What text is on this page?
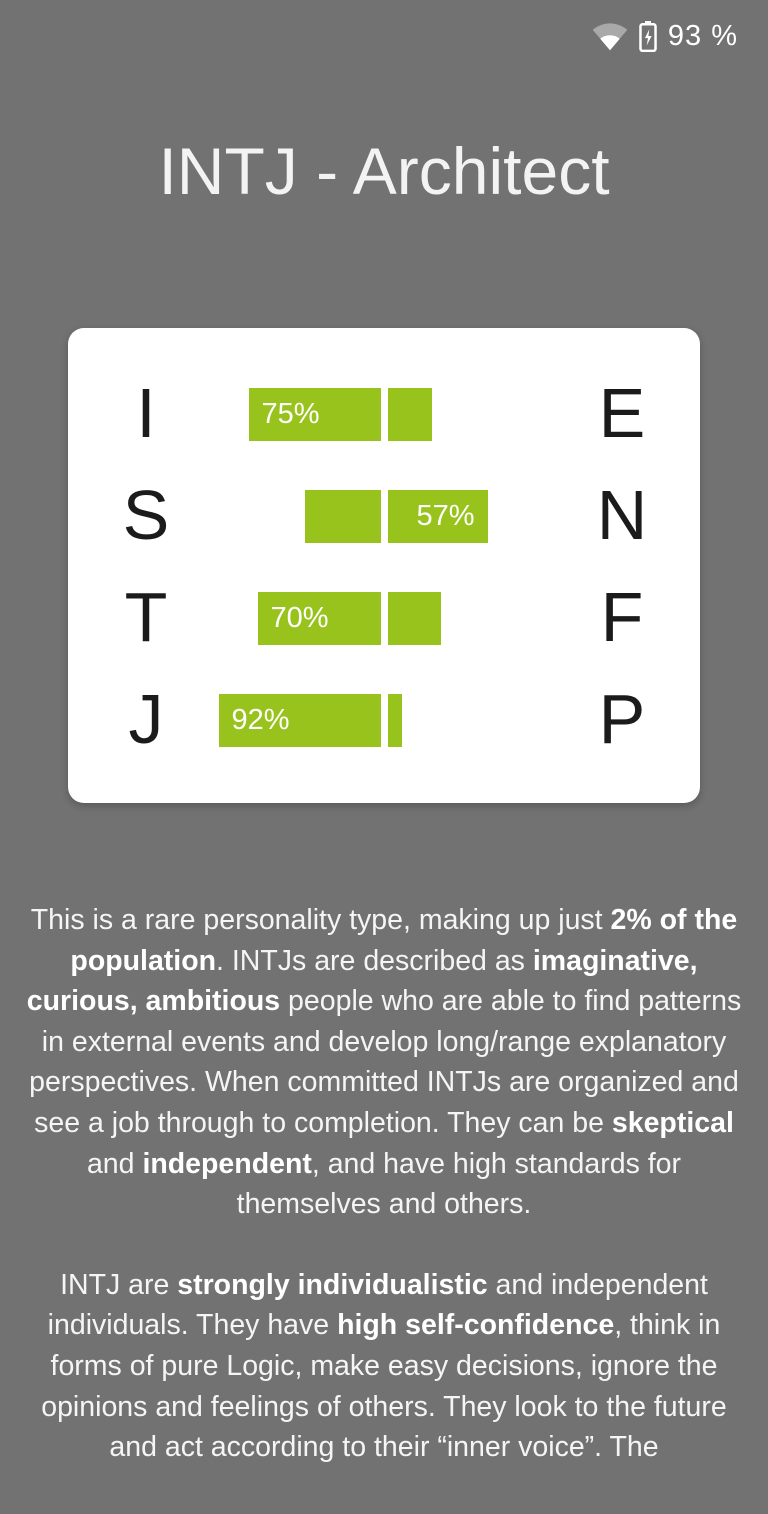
93 %
INTJ - Architect
I	E
75%
S	N
57%
T	F
70%
J	P
92%

This is a rare personality type, making up just 2% of the population. INTJs are described as imaginative, curious, ambitious people who are able to find patterns in external events and develop long/range explanatory perspectives. When committed INTJs are organized and see a job through to completion. They can be skeptical and independent, and have high standards for themselves and others.

INTJ are strongly individualistic and independent individuals. They have high self-confidence, think in forms of pure Logic, make easy decisions, ignore the opinions and feelings of others. They look to the future and act according to their “inner voice”. The
